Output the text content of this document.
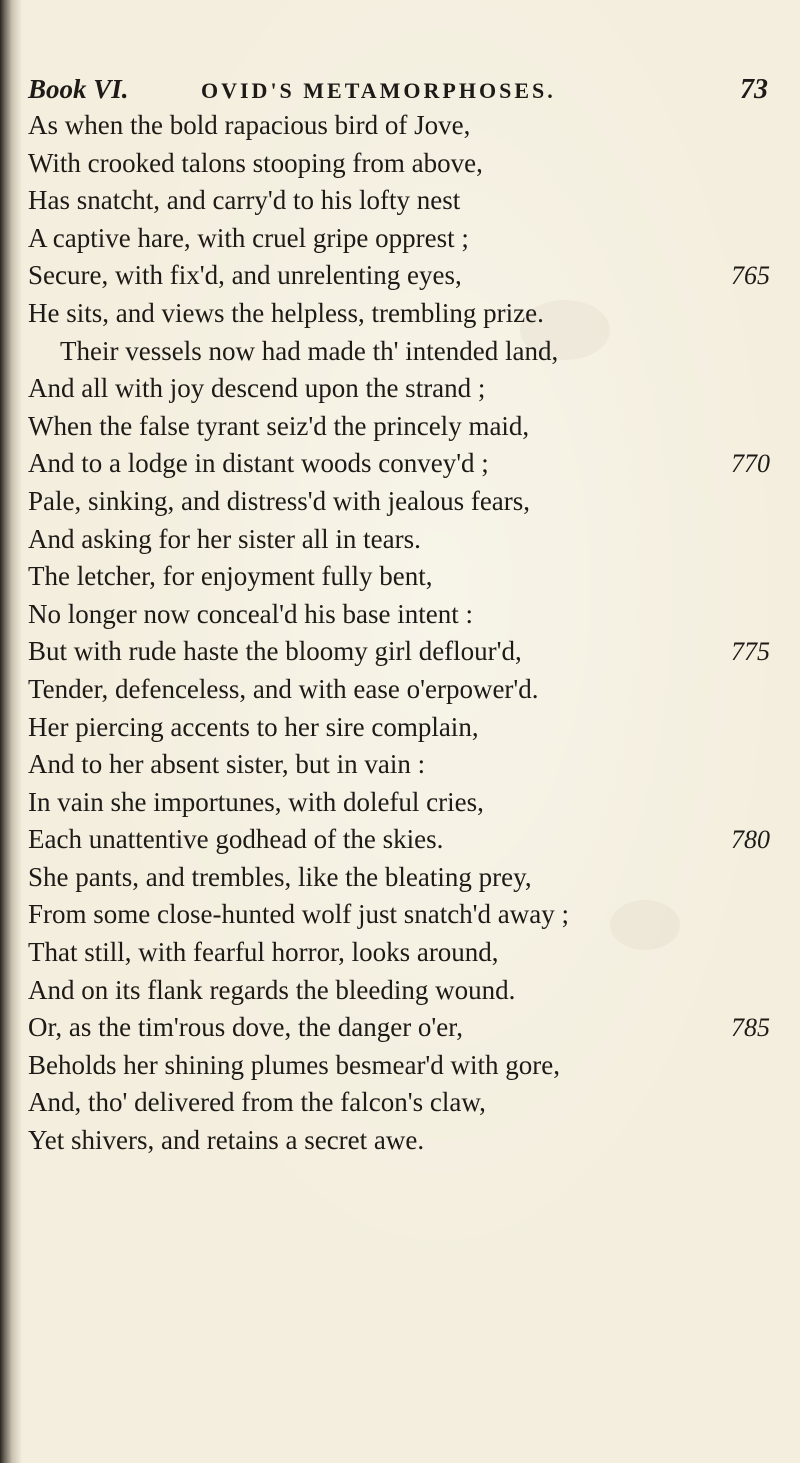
Book VI.	OVID'S METAMORPHOSES.	73
As when the bold rapacious bird of Jove,
With crooked talons stooping from above,
Has snatcht, and carry'd to his lofty nest
A captive hare, with cruel gripe opprest ;
Secure, with fix'd, and unrelenting eyes,	765
He sits, and views the helpless, trembling prize.
Their vessels now had made th' intended land,
And all with joy descend upon the strand ;
When the false tyrant seiz'd the princely maid,
And to a lodge in distant woods convey'd ;	770
Pale, sinking, and distress'd with jealous fears,
And asking for her sister all in tears.
The letcher, for enjoyment fully bent,
No longer now conceal'd his base intent :
But with rude haste the bloomy girl deflour'd,	775
Tender, defenceless, and with ease o'erpower'd.
Her piercing accents to her sire complain,
And to her absent sister, but in vain :
In vain she importunes, with doleful cries,
Each unattentive godhead of the skies.	780
She pants, and trembles, like the bleating prey,
From some close-hunted wolf just snatch'd away ;
That still, with fearful horror, looks around,
And on its flank regards the bleeding wound.
Or, as the tim'rous dove, the danger o'er,	785
Beholds her shining plumes besmear'd with gore,
And, tho' delivered from the falcon's claw,
Yet shivers, and retains a secret awe.
